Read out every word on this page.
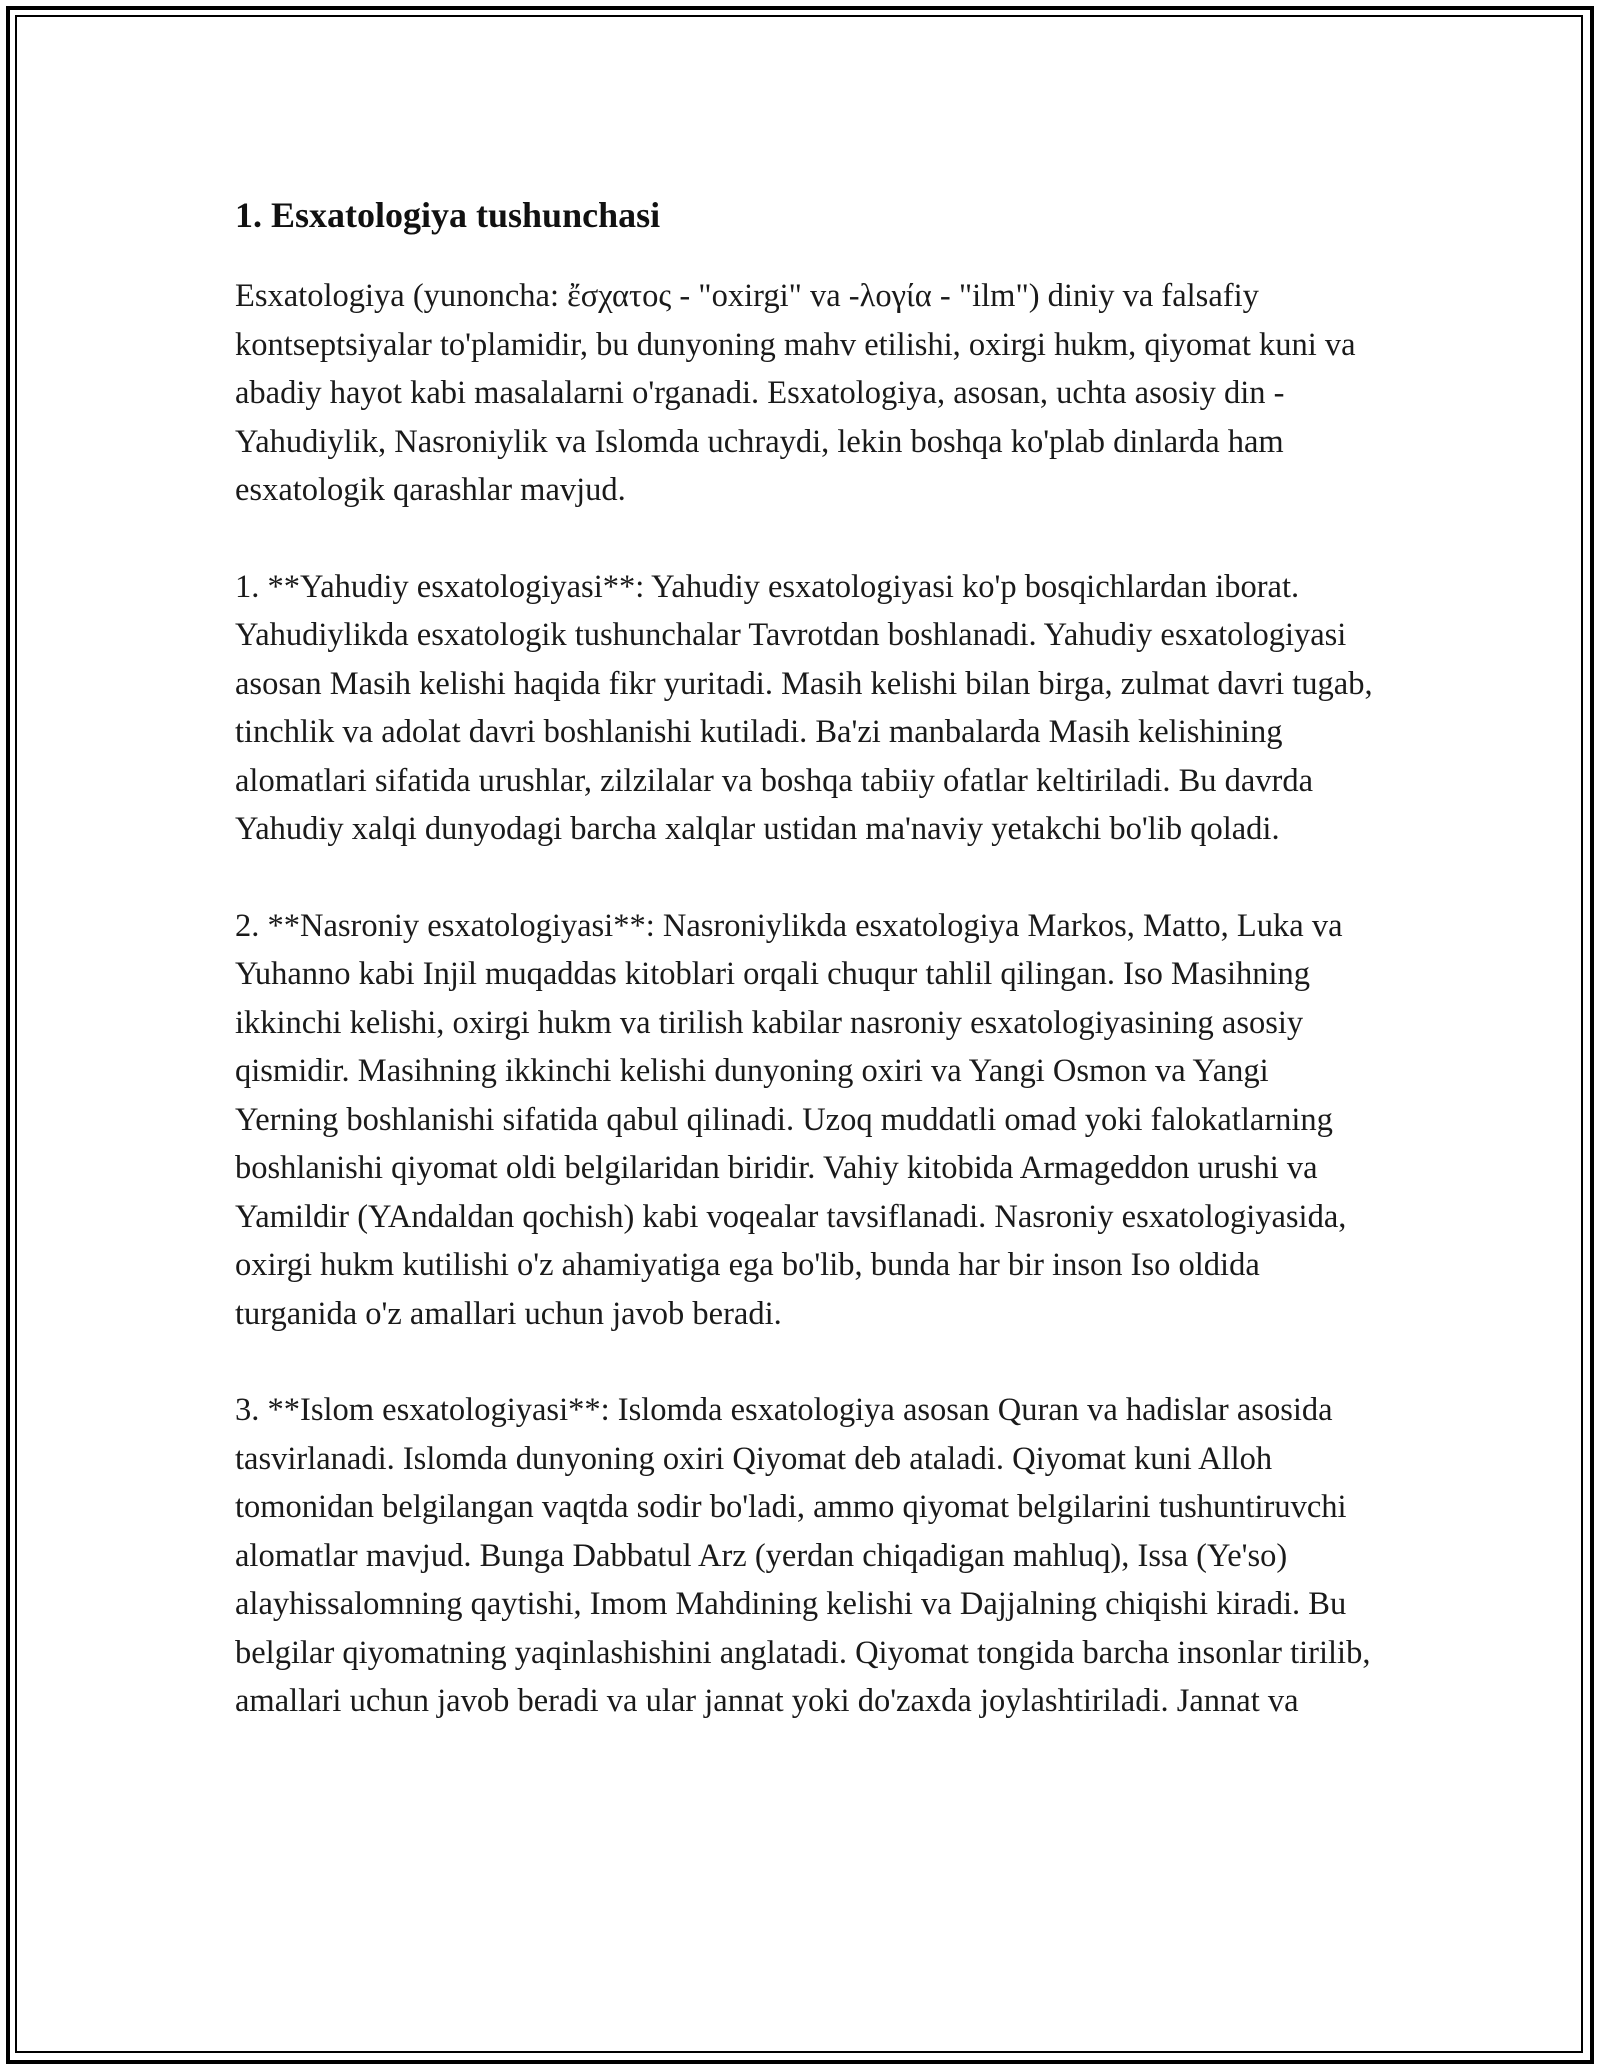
1. Esxatologiya tushunchasi

Esxatologiya (yunoncha: ἔσχατος - "oxirgi" va -λογία - "ilm") diniy va falsafiy kontseptsiyalar to'plamidir, bu dunyoning mahv etilishi, oxirgi hukm, qiyomat kuni va abadiy hayot kabi masalalarni o'rganadi. Esxatologiya, asosan, uchta asosiy din - Yahudiylik, Nasroniylik va Islomda uchraydi, lekin boshqa ko'plab dinlarda ham esxatologik qarashlar mavjud.

1. **Yahudiy esxatologiyasi**: Yahudiy esxatologiyasi ko'p bosqichlardan iborat. Yahudiylikda esxatologik tushunchalar Tavrotdan boshlanadi. Yahudiy esxatologiyasi asosan Masih kelishi haqida fikr yuritadi. Masih kelishi bilan birga, zulmat davri tugab, tinchlik va adolat davri boshlanishi kutiladi. Ba'zi manbalarda Masih kelishining alomatlari sifatida urushlar, zilzilalar va boshqa tabiiy ofatlar keltiriladi. Bu davrda Yahudiy xalqi dunyodagi barcha xalqlar ustidan ma'naviy yetakchi bo'lib qoladi.

2. **Nasroniy esxatologiyasi**: Nasroniylikda esxatologiya Markos, Matto, Luka va Yuhanno kabi Injil muqaddas kitoblari orqali chuqur tahlil qilingan. Iso Masihning ikkinchi kelishi, oxirgi hukm va tirilish kabilar nasroniy esxatologiyasining asosiy qismidir. Masihning ikkinchi kelishi dunyoning oxiri va Yangi Osmon va Yangi Yerning boshlanishi sifatida qabul qilinadi. Uzoq muddatli omad yoki falokatlarning boshlanishi qiyomat oldi belgilaridan biridir. Vahiy kitobida Armageddon urushi va Yamildir (YAndaldan qochish) kabi voqealar tavsiflanadi. Nasroniy esxatologiyasida, oxirgi hukm kutilishi o'z ahamiyatiga ega bo'lib, bunda har bir inson Iso oldida turganida o'z amallari uchun javob beradi.

3. **Islom esxatologiyasi**: Islomda esxatologiya asosan Quran va hadislar asosida tasvirlanadi. Islomda dunyoning oxiri Qiyomat deb ataladi. Qiyomat kuni Alloh tomonidan belgilangan vaqtda sodir bo'ladi, ammo qiyomat belgilarini tushuntiruvchi alomatlar mavjud. Bunga Dabbatul Arz (yerdan chiqadigan mahluq), Issa (Ye'so) alayhissalomning qaytishi, Imom Mahdining kelishi va Dajjalning chiqishi kiradi. Bu belgilar qiyomatning yaqinlashishini anglatadi. Qiyomat tongida barcha insonlar tirilib, amallari uchun javob beradi va ular jannat yoki do'zaxda joylashtiriladi. Jannat va
